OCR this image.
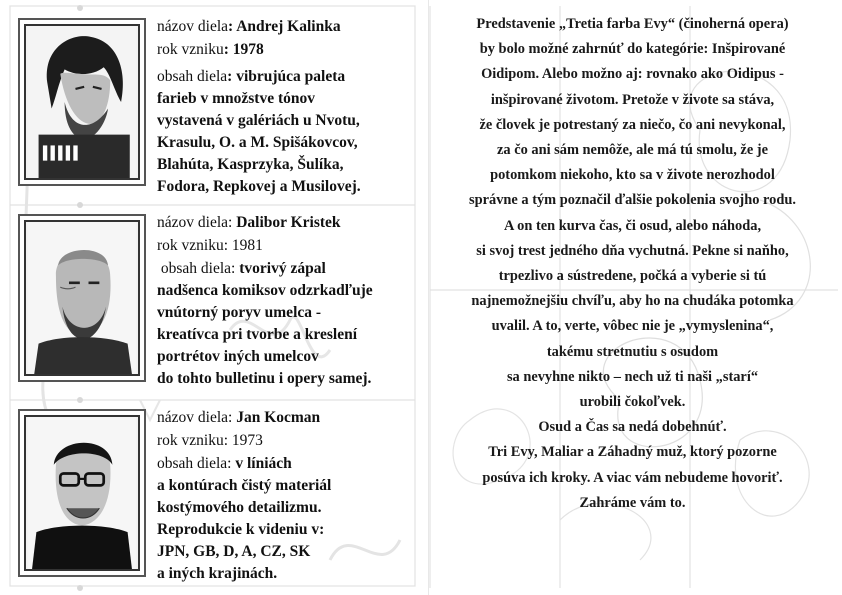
názov diela: Andrej Kalinka
rok vzniku: 1978
obsah diela: vibrujúca paleta
farieb v množstve tónov
vystavená v galériách u Nvotu,
Krasulu, O. a M. Spišákovcov,
Blahúta, Kasprzyka, Šulíka,
Fodora, Repkovej a Musilovej.
názov diela: Dalibor Kristek
rok vzniku: 1981
obsah diela: tvorivý zápal
nadšenca komiksov odzrkadľuje
vnútorný poryv umelca -
kreatívca pri tvorbe a kreslení
portrétov iných umelcov
do tohto bulletinu i opery samej.
názov diela: Jan Kocman
rok vzniku: 1973
obsah diela: v líniách
a kontúrach čistý materiál
kostýmového detailizmu.
Reprodukcie k videniu v:
JPN, GB, D, A, CZ, SK
a iných krajinách.

Predstavenie „Tretia farba Evy“ (činoherná opera)

by bolo možné zahrnúť do kategórie: Inšpirované

Oidipom. Alebo možno aj: rovnako ako Oidipus -

inšpirované životom. Pretože v živote sa stáva,

že človek je potrestaný za niečo, čo ani nevykonal,

za čo ani sám nemôže, ale má tú smolu, že je

potomkom niekoho, kto sa v živote nerozhodol

správne a tým poznačil ďalšie pokolenia svojho rodu.

A on ten kurva čas, či osud, alebo náhoda,

si svoj trest jedného dňa vychutná. Pekne si naňho,

trpezlivo a sústredene, počká a vyberie si tú

najnemožnejšiu chvíľu, aby ho na chudáka potomka

uvalil. A to, verte, vôbec nie je „vymyslenina“,

takému stretnutiu s osudom

sa nevyhne nikto – nech už ti naši „starí“

urobili čokoľvek.

Osud a Čas sa nedá dobehnúť.

Tri Evy, Maliar a Záhadný muž, ktorý pozorne

posúva ich kroky. A viac vám nebudeme hovoriť.

Zahráme vám to.
